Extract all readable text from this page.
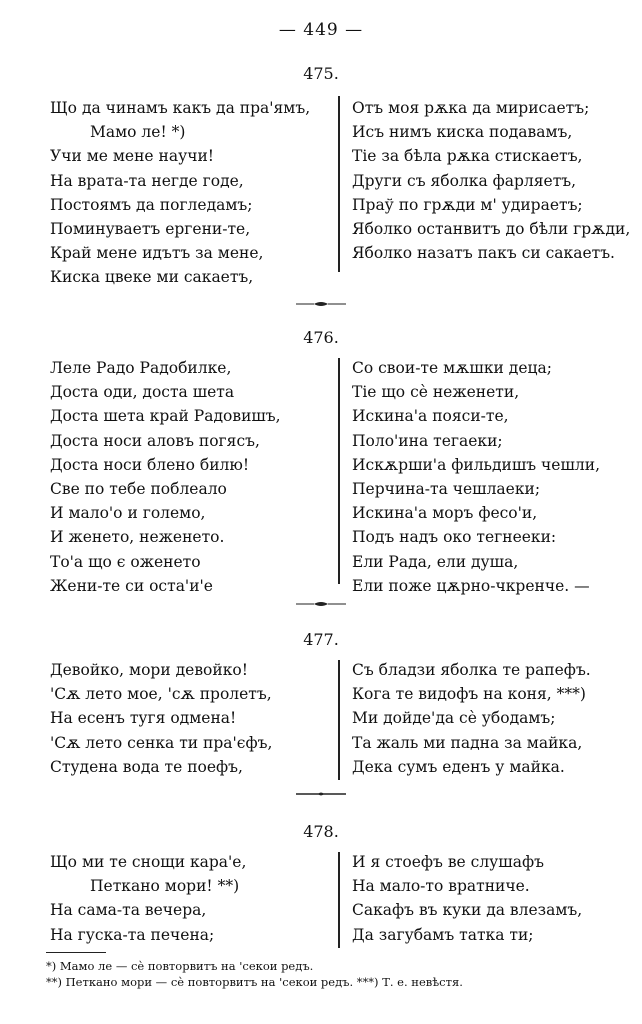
— 449 —
475.
Що да чинамъ какъ да пра'ямъ,
Мамо ле! *)
Учи ме мене научи!
На врата-та негде годе,
Постоямъ да погледамъ;
Поминуваетъ ергени-те,
Край мене идътъ за мене,
Киска цвеке ми сакаетъ,
Отъ моя рѫка да мирисаетъ;
Исъ нимъ киска подавамъ,
Тіе за бѣла рѫка стискаетъ,
Други съ яболка фарляетъ,
Праў по грѫди м' удираетъ;
Яболко останвитъ до бѣли грѫди,
Яболко назатъ пакъ си сакаетъ.
476.
Леле Радо Радобилке,
Доста оди, доста шета
Доста шета край Радовишъ,
Доста носи аловъ погясъ,
Доста носи блено билю!
Све по тебе поблеало
И мало'о и големо,
И женето, неженето.
То'а що є оженето
Жени-те си оста'и'е
Со свои-те мѫшки деца;
Тіе що сѐ неженети,
Искина'а пояси-те,
Поло'ина тегаеки;
Искѫрши'а фильдишъ чешли,
Перчина-та чешлаеки;
Искина'а моръ фесо'и,
Подъ надъ око тегнееки:
Ели Рада, ели душа,
Ели поже цѫрно-чкренче. —
477.
Девойко, мори девойко!
'Сѫ лето мое, 'сѫ пролетъ,
На есенъ тугя одмена!
'Сѫ лето сенка ти пра'єфъ,
Студена вода те поефъ,
Съ бладзи яболка те рапефъ.
Кога те видофъ на коня, ***)
Ми дойде'да сѐ убодамъ;
Та жаль ми падна за майка,
Дека сумъ еденъ у майка.
478.
Що ми те снощи кара'е,
Петкано мори! **)
На сама-та вечера,
На гуска-та печена;
И я стоефъ ве слушафъ
На мало-то вратниче.
Сакафъ въ куки да влезамъ,
Да загубамъ татка ти;
*) Мамо ле — сѐ повторвитъ на 'секои редъ.
**) Петкано мори — сѐ повторвитъ на 'секои редъ. ***) Т. е. невѣстя.
